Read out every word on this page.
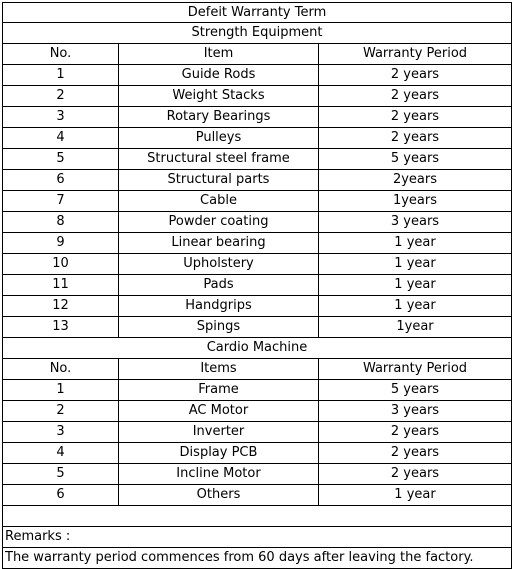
Defeit Warranty Term
Strength Equipment
No.	Item	Warranty Period
1	Guide Rods	2 years
2	Weight Stacks	2 years
3	Rotary Bearings	2 years
4	Pulleys	2 years
5	Structural steel frame	5 years
6	Structural parts	2years
7	Cable	1years
8	Powder coating	3 years
9	Linear bearing	1 year
10	Upholstery	1 year
11	Pads	1 year
12	Handgrips	1 year
13	Spings	1year
Cardio Machine
No.	Items	Warranty Period
1	Frame	5 years
2	AC Motor	3 years
3	Inverter	2 years
4	Display PCB	2 years
5	Incline Motor	2 years
6	Others	1 year
Remarks :
The warranty period commences from 60 days after leaving the factory.
